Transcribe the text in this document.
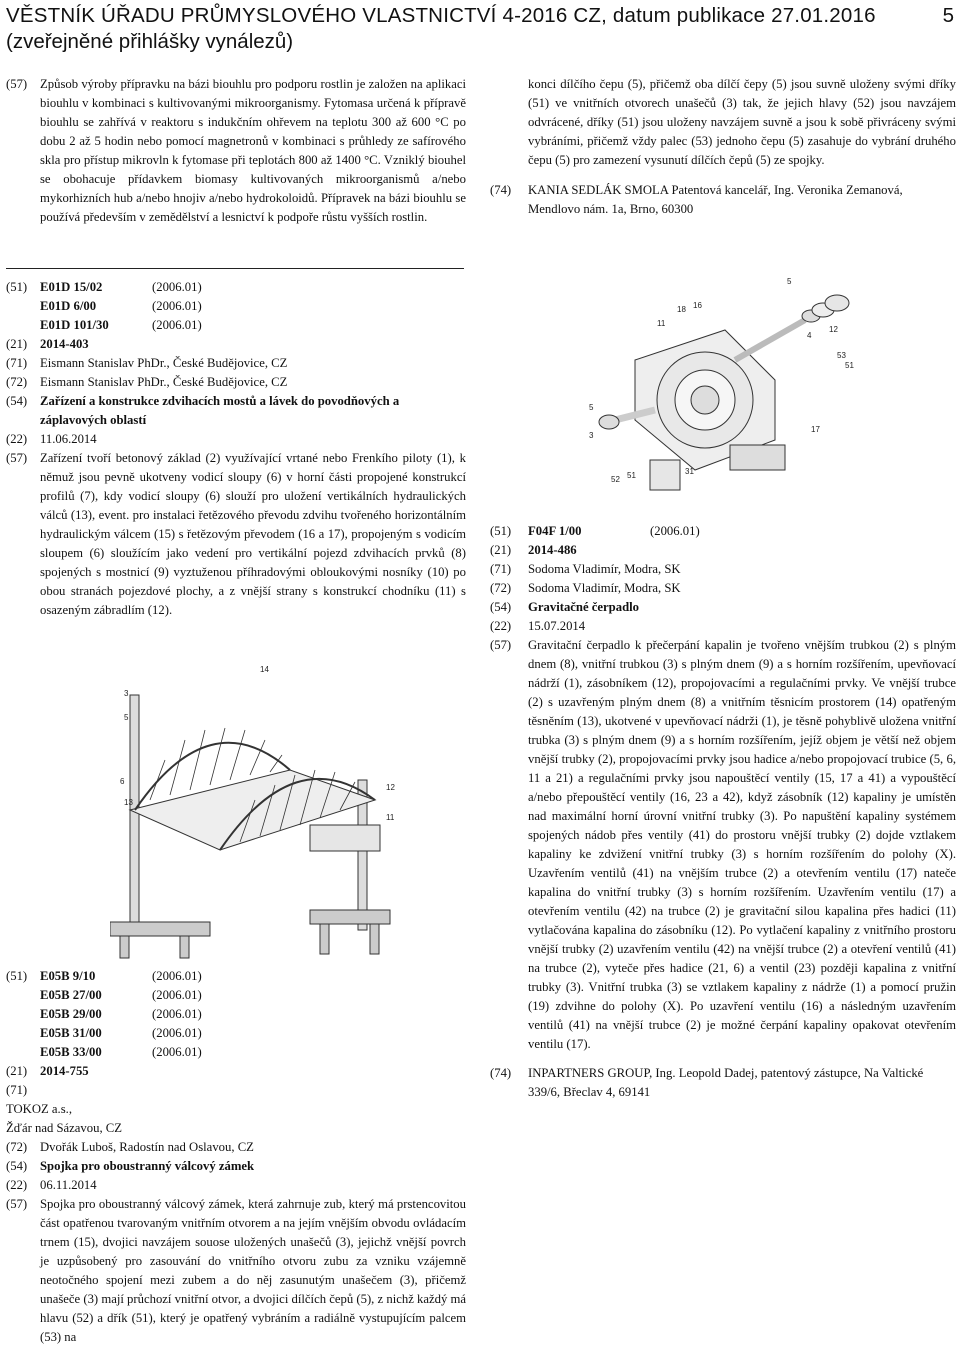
VĚSTNÍK ÚŘADU PRŮMYSLOVÉHO VLASTNICTVÍ 4-2016 CZ, datum publikace 27.01.2016
(zveřejněné přihlášky vynálezů)
5
(57)	Způsob výroby přípravku na bázi biouhlu pro podporu rostlin je založen na aplikaci biouhlu v kombinaci s kultivovanými mikroorganismy. Fytomasa určená k přípravě biouhlu se zahřívá v reaktoru s indukčním ohřevem na teplotu 300 až 600 °C po dobu 2 až 5 hodin nebo pomocí magnetronů v kombinaci s průhledy ze safírového skla pro přístup mikrovln k fytomase při teplotách 800 až 1400 °C. Vzniklý biouhel se obohacuje přídavkem biomasy kultivovaných mikroorganismů a/nebo mykorhizních hub a/nebo hnojiv a/nebo hydrokoloidů. Přípravek na bázi biouhlu se používá především v zemědělství a lesnictví k podpoře růstu vyšších rostlin.
konci dílčího čepu (5), přičemž oba dílčí čepy (5) jsou suvně uloženy svými dříky (51) ve vnitřních otvorech unašečů (3) tak, že jejich hlavy (52) jsou navzájem odvrácené, dříky (51) jsou uloženy navzájem suvně a jsou k sobě přivráceny svými vybráními, přičemž vždy palec (53) jednoho čepu (5) zasahuje do vybrání druhého čepu (5) pro zamezení vysunutí dílčích čepů (5) ze spojky.
(74)	KANIA SEDLÁK SMOLA Patentová kancelář, Ing. Veronika Zemanová, Mendlovo nám. 1a, Brno, 60300
(51)	E01D 15/02	(2006.01)
E01D 6/00	(2006.01)
E01D 101/30	(2006.01)
(21)	2014-403
(71)	Eismann Stanislav PhDr., České Budějovice, CZ
(72)	Eismann Stanislav PhDr., České Budějovice, CZ
(54)	Zařízení a konstrukce zdvihacích mostů a lávek do povodňových a záplavových oblastí
(22)	11.06.2014
(57)	Zařízení tvoří betonový základ (2) využívající vrtané nebo Frenkího piloty (1), k němuž jsou pevně ukotveny vodicí sloupy (6) v horní části propojené konstrukcí profilů (7), kdy vodicí sloupy (6) slouží pro uložení vertikálních hydraulických válců (13), event. pro instalaci řetězového převodu zdvihu tvořeného horizontálním hydraulickým válcem (15) s řetězovým převodem (16 a 17), propojeným s vodicím sloupem (6) sloužícím jako vedení pro vertikální pojezd zdvihacích prvků (8) spojených s mostnicí (9) vyztuženou příhradovými obloukovými nosníky (10) po obou stranách pojezdové plochy, a z vnější strany s konstrukcí chodníku (11) s osazeným zábradlím (12).
14
3
5
6
13
12
11
(51)	E05B 9/10	(2006.01)
E05B 27/00	(2006.01)
E05B 29/00	(2006.01)
E05B 31/00	(2006.01)
E05B 33/00	(2006.01)
(21)	2014-755
(71)

TOKOZ a.s.,
Žďár nad Sázavou, CZ
(72)	Dvořák Luboš, Radostín nad Oslavou, CZ
(54)	Spojka pro oboustranný válcový zámek
(22)	06.11.2014
(57)	Spojka pro oboustranný válcový zámek, která zahrnuje zub, který má prstencovitou část opatřenou tvarovaným vnitřním otvorem a na jejím vnějším obvodu ovládacím trnem (15), dvojici navzájem souose uložených unašečů (3), jejichž vnější povrch je uzpůsobený pro zasouvání do vnitřního otvoru zubu za vzniku vzájemně neotočného spojení mezi zubem a do něj zasunutým unašečem (3), přičemž unašeče (3) mají průchozí vnitřní otvor, a dvojici dílčích čepů (5), z nichž každý má hlavu (52) a dřík (51), který je opatřený vybráním a radiálně vystupujícím palcem (53) na
5
16
18
11
4
12
53
51
17
5
3
31
52 51
(51)	F04F 1/00	(2006.01)
(21)	2014-486
(71)	Sodoma Vladimír, Modra, SK
(72)	Sodoma Vladimír, Modra, SK
(54)	Gravitačné čerpadlo
(22)	15.07.2014
(57)	Gravitační čerpadlo k přečerpání kapalin je tvořeno vnějším trubkou (2) s plným dnem (8), vnitřní trubkou (3) s plným dnem (9) a s horním rozšířením, upevňovací nádrží (1), zásobníkem (12), propojovacími a regulačními prvky. Ve vnější trubce (2) s uzavřeným plným dnem (8) a vnitřním těsnicím prostorem (14) opatřeným těsněním (13), ukotvené v upevňovací nádrži (1), je těsně pohyblivě uložena vnitřní trubka (3) s plným dnem (9) a s horním rozšířením, jejíž objem je větší než objem vnější trubky (2), propojovacími prvky jsou hadice a/nebo propojovací trubice (5, 6, 11 a 21) a regulačními prvky jsou napouštěcí ventily (15, 17 a 41) a vypouštěcí a/nebo přepouštěcí ventily (16, 23 a 42), když zásobník (12) kapaliny je umístěn nad maximální horní úrovní vnitřní trubky (3). Po napuštění kapaliny systémem spojených nádob přes ventily (41) do prostoru vnější trubky (2) dojde vztlakem kapaliny ke zdvižení vnitřní trubky (3) s horním rozšířením do polohy (X). Uzavřením ventilů (41) na vnějším trubce (2) a otevřením ventilu (17) nateče kapalina do vnitřní trubky (3) s horním rozšířením. Uzavřením ventilu (17) a otevřením ventilu (42) na trubce (2) je gravitační silou kapalina přes hadici (11) vytlačována kapalina do zásobníku (12). Po vytlačení kapaliny z vnitřního prostoru vnější trubky (2) uzavřením ventilu (42) na vnější trubce (2) a otevření ventilů (41) na trubce (2), vyteče přes hadice (21, 6) a ventil (23) později kapalina z vnitřní trubky (3). Vnitřní trubka (3) se vztlakem kapaliny z nádrže (1) a pomocí pružin (19) zdvihne do polohy (X). Po uzavření ventilu (16) a následným uzavřením ventilů (41) na vnější trubce (2) je možné čerpání kapaliny opakovat otevřením ventilu (17).
(74)	INPARTNERS GROUP, Ing. Leopold Dadej, patentový zástupce, Na Valtické 339/6, Břeclav 4, 69141
